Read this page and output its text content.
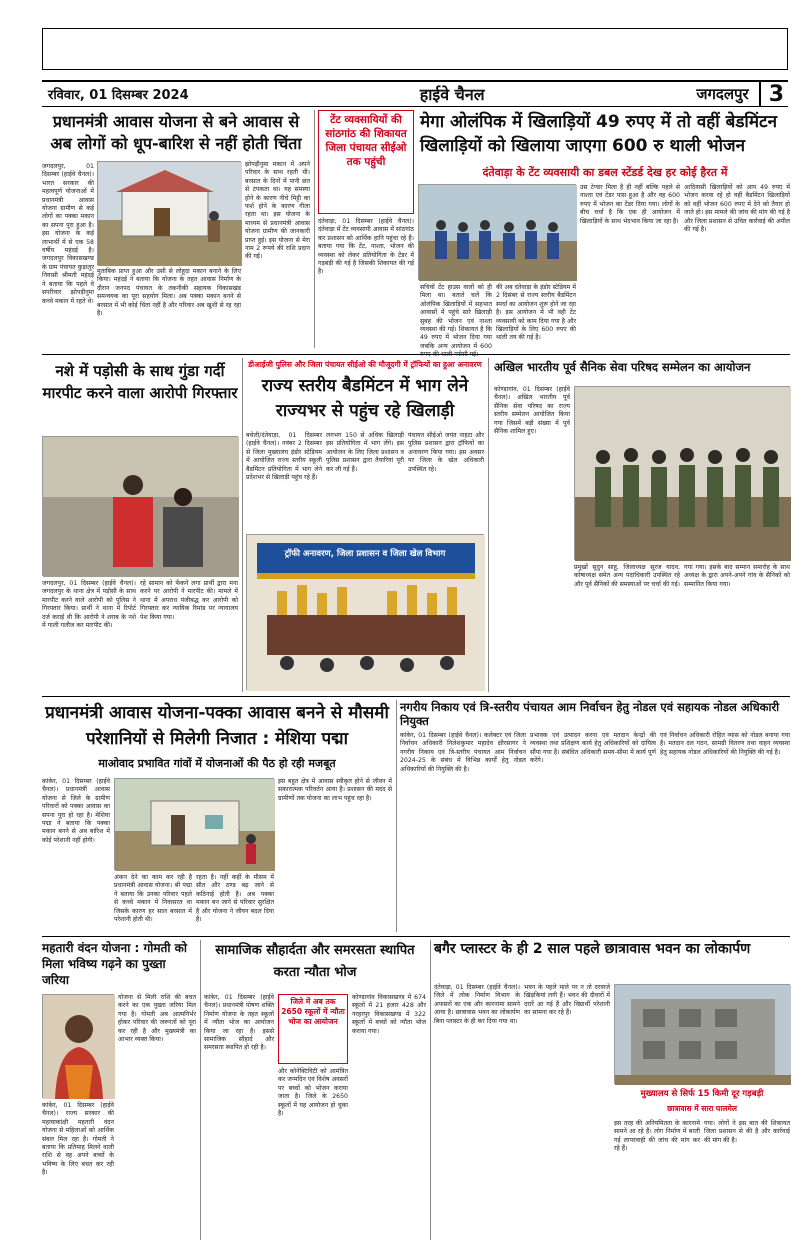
रविवार, 01 दिसम्बर 2024	हाईवे चैनल	जगदलपुर 3
प्रधानमंत्री आवास योजना से बने आवास से अब लोगों को धूप-बारिश से नहीं होती चिंता
जगदलपुर, 01 दिसम्बर (हाईवे चैनल)। भारत सरकार की महत्वपूर्ण योजनाओं में प्रधानमंत्री आवास योजना ग्रामीण से कई लोगों का पक्का मकान का सपना पूरा हुआ है। इस योजना के कई लाभार्थी में से एक 58 वर्षीय महंदई है। जगदलपुर विकासखण्ड के ग्राम पंचायत कुड़ालुर निवासी श्रीमती महंदई ने बताया कि पहले वे सपरिवार झोपड़ीनुमा कच्चे मकान में रहते थे।
मुताबिक प्राप्त हुआ और उसी से लोहूदा मकान बनाने के लिए किया। महंदई ने बताया कि योजना के तहत आवास निर्माण के दौरान जनपद पंचायत के तकनीकी सहायक विकासखंड समन्वयक का पूरा सहयोग मिला। अब पक्का मकान बनने से बरसात में भी कोई चिंता नहीं है और परिवार अब खुशी से रह रहा है।
झोपड़ीनुमा मकान में अपने परिवार के साथ रहती थी। बरसात के दिनों में पानी छत से टपकता था। यह समस्या होने के कारण नीचे मिट्टी का फर्श होने के कारण गीला रहता था। इस योजना के माध्यम से प्रधानमंत्री आवास योजना ग्रामीण की जानकारी प्राप्त हुई। इस योजना से मेरा नाम 2 रूपये की राशि प्रदान की गई।
टेंट व्यवसायियों की सांठगांठ की शिकायत जिला पंचायत सीईओ तक पहुंची
दंतेवाड़ा, 01 दिसम्बर (हाईवे चैनल)। दंतेवाड़ा में टेंट व्यवसायी आवास में सांठगांठ कर प्रशासन को आर्थिक हानि पहुंचा रहे हैं। बताया गया कि टेंट, नाश्ता, भोजन की व्यवस्था को लेकर प्रतियोगिता के टेंडर में गड़बड़ी की गई है जिसकी शिकायत की गई है।
मेगा ओलंपिक में खिलाड़ियों 49 रुपए में तो वहीं बेडमिंटन खिलाड़ियों को खिलाया जाएगा 600 रु थाली भोजन
दंतेवाड़ा के टेंट व्यवसायी का डबल स्टेंडर्ड देख हर कोई हैरत में
सचिवों टेंट हाउस वालों को ही मिला था। बताते चलें कि ओलंपिक खिलाड़ियों में सहभात आवासों में पहुंचे सारे खिलाड़ी सुबह की भोजन एवं नाश्ता व्यवस्था की गई। शिकायत है कि 49 रुपए में भोजन दिया गया जबकि अन्य आयोजन में 600
की अब दंतेवाड़ा के इंडोर स्टेडियम में 2 दिसंबर से राज्य स्तरीय बैडमिंटन स्पर्धा का आयोजन शुरू होने जा रहा है। इस आयोजन में भी वही टेंट व्यवसायी को काम दिया गया है और खिलाड़ियों के लिए 600 रुपए की थाली तय की गई है।
उस टेण्डर मिला है ही नहीं बल्कि पहले से नाश्ता एवं टेंडर पास हुआ है और वह 600 रुपए में भोजन का टेंडर दिया गया। लोगों के बीच चर्चा है कि एक ही आयोजन में खिलाड़ियों के साथ भेदभाव किया जा रहा है।
आदिवासी खिलाड़ियों को आप 49 रुपए में भोजन करवा रहे हो वहीं बैडमिंटन खिलाड़ियों को वहीं भोजन 600 रुपए में देने को तैयार हो जाते हो। इस मामले की जांच की मांग की गई है और जिला प्रशासन से उचित कार्रवाई की अपील की गई है।
नशे में पड़ोसी के साथ गुंडा गर्दी मारपीट करने वाला आरोपी गिरफ्तार
जगदलपुर, 01 दिसम्बर (हाईवे चैनल)। जगदलपुर के थाना क्षेत्र में पड़ोसी के साथ मारपीट करने वाले आरोपी को पुलिस ने गिरफ्तार किया। प्रार्थी ने थाना में रिपोर्ट दर्ज कराई थी कि आरोपी ने शराब के नशे में गाली गलौज कर मारपीट की।
रहे सामान को फेंकने लगा प्रार्थी द्वारा मना करने पर आरोपी ने मारपीट की। मामले में थाना में अपराध पंजीबद्ध कर आरोपी को गिरफ्तार कर न्यायिक रिमांड पर न्यायालय पेश किया गया।
डीआईजी पुलिस और जिला पंचायत सीईओ की मौजूदगी में ट्रॉफियों का हुआ अनावरण
राज्य स्तरीय बैडमिंटन में भाग लेने राज्यभर से पहुंच रहे खिलाड़ी
बचेली/दंतेवाड़ा, 01 दिसम्बर (हाईवे चैनल)। नवंबर 2 दिसम्बर से जिला मुख्यालय इंडोर स्टेडियम में आयोजित राज्य स्तरीय स्कूली बैडमिंटन प्रतियोगिता में भाग लेने प्रदेशभर से खिलाड़ी पहुंच रहे हैं।
लगभग 150 से अधिक खिलाड़ी इस प्रतियोगिता में भाग लेंगे। इस आयोजन के लिए जिला प्रशासन व पुलिस प्रशासन द्वारा तैयारियां पूरी कर ली गई हैं।
पंचायत सीईओ जयंत नाहटा और पुलिस प्रशासन द्वारा ट्रॉफियों का अनावरण किया गया। इस अवसर पर जिला के खेल अधिकारी उपस्थित रहे।
ट्रॉफी अनावरण, जिला प्रशासन व जिला खेल विभाग
अखिल भारतीय पूर्व सैनिक सेवा परिषद सम्मेलन का आयोजन
कोण्डागांव, 01 दिसम्बर (हाईवे चैनल)। अखिल भारतीय पूर्व सैनिक सेवा परिषद का राज्य स्तरीय सम्मेलन आयोजित किया गया जिसमें बड़ी संख्या में पूर्व सैनिक शामिल हुए।
प्रमुखों सुदुन साहू, जिलाध्यक्ष सूरज यादव, कोषाध्यक्ष समेत अन्य पदाधिकारी उपस्थित रहे और पूर्व सैनिकों की समस्याओं पर चर्चा की गई।
गया गया। इसके बाद सम्मान समारोह के साथ अध्यक्ष के द्वारा अपने-अपने गांव के सैनिकों को सम्मानित किया गया।
प्रधानमंत्री आवास योजना-पक्का आवास बनने से मौसमी परेशानियों से मिलेगी निजात : मेशिया पद्मा
माओवाद प्रभावित गांवों में योजनाओं की पैठ हो रही मजबूत
कांकेर, 01 दिसम्बर (हाईवे चैनल)। प्रधानमंत्री आवास योजना से जिले के ग्रामीण परिवारों को पक्का आवास का सपना पूरा हो रहा है। मेशिया पद्मा ने बताया कि पक्का मकान बनने से अब बारिश में कोई परेशानी नहीं होगी।
अंकन देने का काम कर रही है प्रधानमंत्री आवास योजना। श्री पद्मा ने बताया कि उनका परिवार पहले से कच्चे मकान में निवासरत था जिसके कारण हर साल बरसात में परेशानी होती थी।
रहता है। नहीं कहीं के मौसम में सीत और ठण्ड बढ़ जाने से कठिनाई होती है। अब पक्का मकान बन जाने से परिवार सुरक्षित है और योजना ने जीवन बदल दिया है।
इस बहुत क्षेत्र में आवास स्वीकृत होने से जीवन में सकारात्मक परिवर्तन आया है। प्रशासन की मदद से ग्रामीणों तक योजना का लाभ पहुंच रहा है।
नगरीय निकाय एवं त्रि-स्तरीय पंचायत आम निर्वाचन हेतु नोडल एवं सहायक नोडल अधिकारी नियुक्त
कांकेर, 01 दिसम्बर (हाईवे चैनल)। कलेक्टर एवं जिला निर्वाचन अधिकारी निलेशकुमार महादेव क्षीरसागर ने नगरीय निकाय एवं त्रि-स्तरीय पंचायत आम निर्वाचन 2024-25 के संबंध में विभिन्न कार्यों हेतु नोडल अधिकारियों की नियुक्ति की है।
प्रभावक एवं उत्पादन करना एवं मतदान केन्द्रों की व्यवस्था तथा प्रशिक्षण कार्य हेतु अधिकारियों को दायित्व सौंपा गया है। संबंधित अधिकारी समय-सीमा में कार्य पूर्ण करेंगे।
एवं निर्वाचन अधिकारी रोहित व्यास को नोडल बनाया गया है। मतदान दल गठन, सामग्री वितरण तथा वाहन व्यवस्था हेतु सहायक नोडल अधिकारियों की नियुक्ति की गई है।
महतारी वंदन योजना : गोमती को मिला भविष्य गढ़ने का पुख्ता जरिया
कांकेर, 01 दिसम्बर (हाईवे चैनल)। राज्य सरकार की महत्वाकांक्षी महतारी वंदन योजना से महिलाओं को आर्थिक संबल मिल रहा है। गोमती ने बताया कि प्रतिमाह मिलने वाली राशि से वह अपने बच्चों के भविष्य के लिए बचत कर रही है।
योजना से मिली राशि की बचत करने का एक पुख्ता जरिया मिल गया है। गोमती अब आत्मनिर्भर होकर परिवार की जरूरतों को पूरा कर रही है और मुख्यमंत्री का आभार व्यक्त किया।
सामाजिक सौहार्दता और समरसता स्थापित करता न्यौता भोज
कांकेर, 01 दिसम्बर (हाईवे चैनल)। प्रधानमंत्री पोषण शक्ति निर्माण योजना के तहत स्कूलों में न्यौता भोज का आयोजन किया जा रहा है। इससे सामाजिक सौहार्द और समरसता स्थापित हो रही है।
जिले में अब तक 2650 स्कूलों में न्यौता भोज का आयोजन
और कोनेक्टिविटी को आमंत्रित कर जन्मदिन एवं विशेष अवसरों पर बच्चों को भोजन कराया जाता है। जिले के 2650 स्कूलों में यह आयोजन हो चुका है।
कोण्डागांव विकासखण्ड में 674 स्कूलों में 21 हजार 428 और नरहरपुर विकासखण्ड में 322 स्कूलों में बच्चों को न्यौता भोज कराया गया।
बगैर प्लास्टर के ही 2 साल पहले छात्रावास भवन का लोकार्पण
दंतेवाड़ा, 01 दिसम्बर (हाईवे चैनल)। जिले में लोक निर्माण विभाग के अफसरों का एक और कारनामा सामने आया है। छात्रावास भवन का लोकार्पण बिना प्लास्टर के ही कर दिया गया था।
भवन के पहले माले पर न तो दरवाजे खिड़कियां लगी हैं। भवन की दीवारों में दरारें आ गई हैं और विद्यार्थी परेशानी का सामना कर रहे हैं।
मुख्यालय से सिर्फ 15 किमी दूर गड़बड़ी
छात्रावास में सारा घालमेल
इस तरह की अनियमितता के कारनामे सामने आ रहे हैं। लोग निर्माण में बरती गई लापरवाही की जांच की मांग कर रहे हैं।
गया। लोगों ने इस बात की शिकायत जिला प्रशासन से की है और कार्रवाई की मांग की है।
